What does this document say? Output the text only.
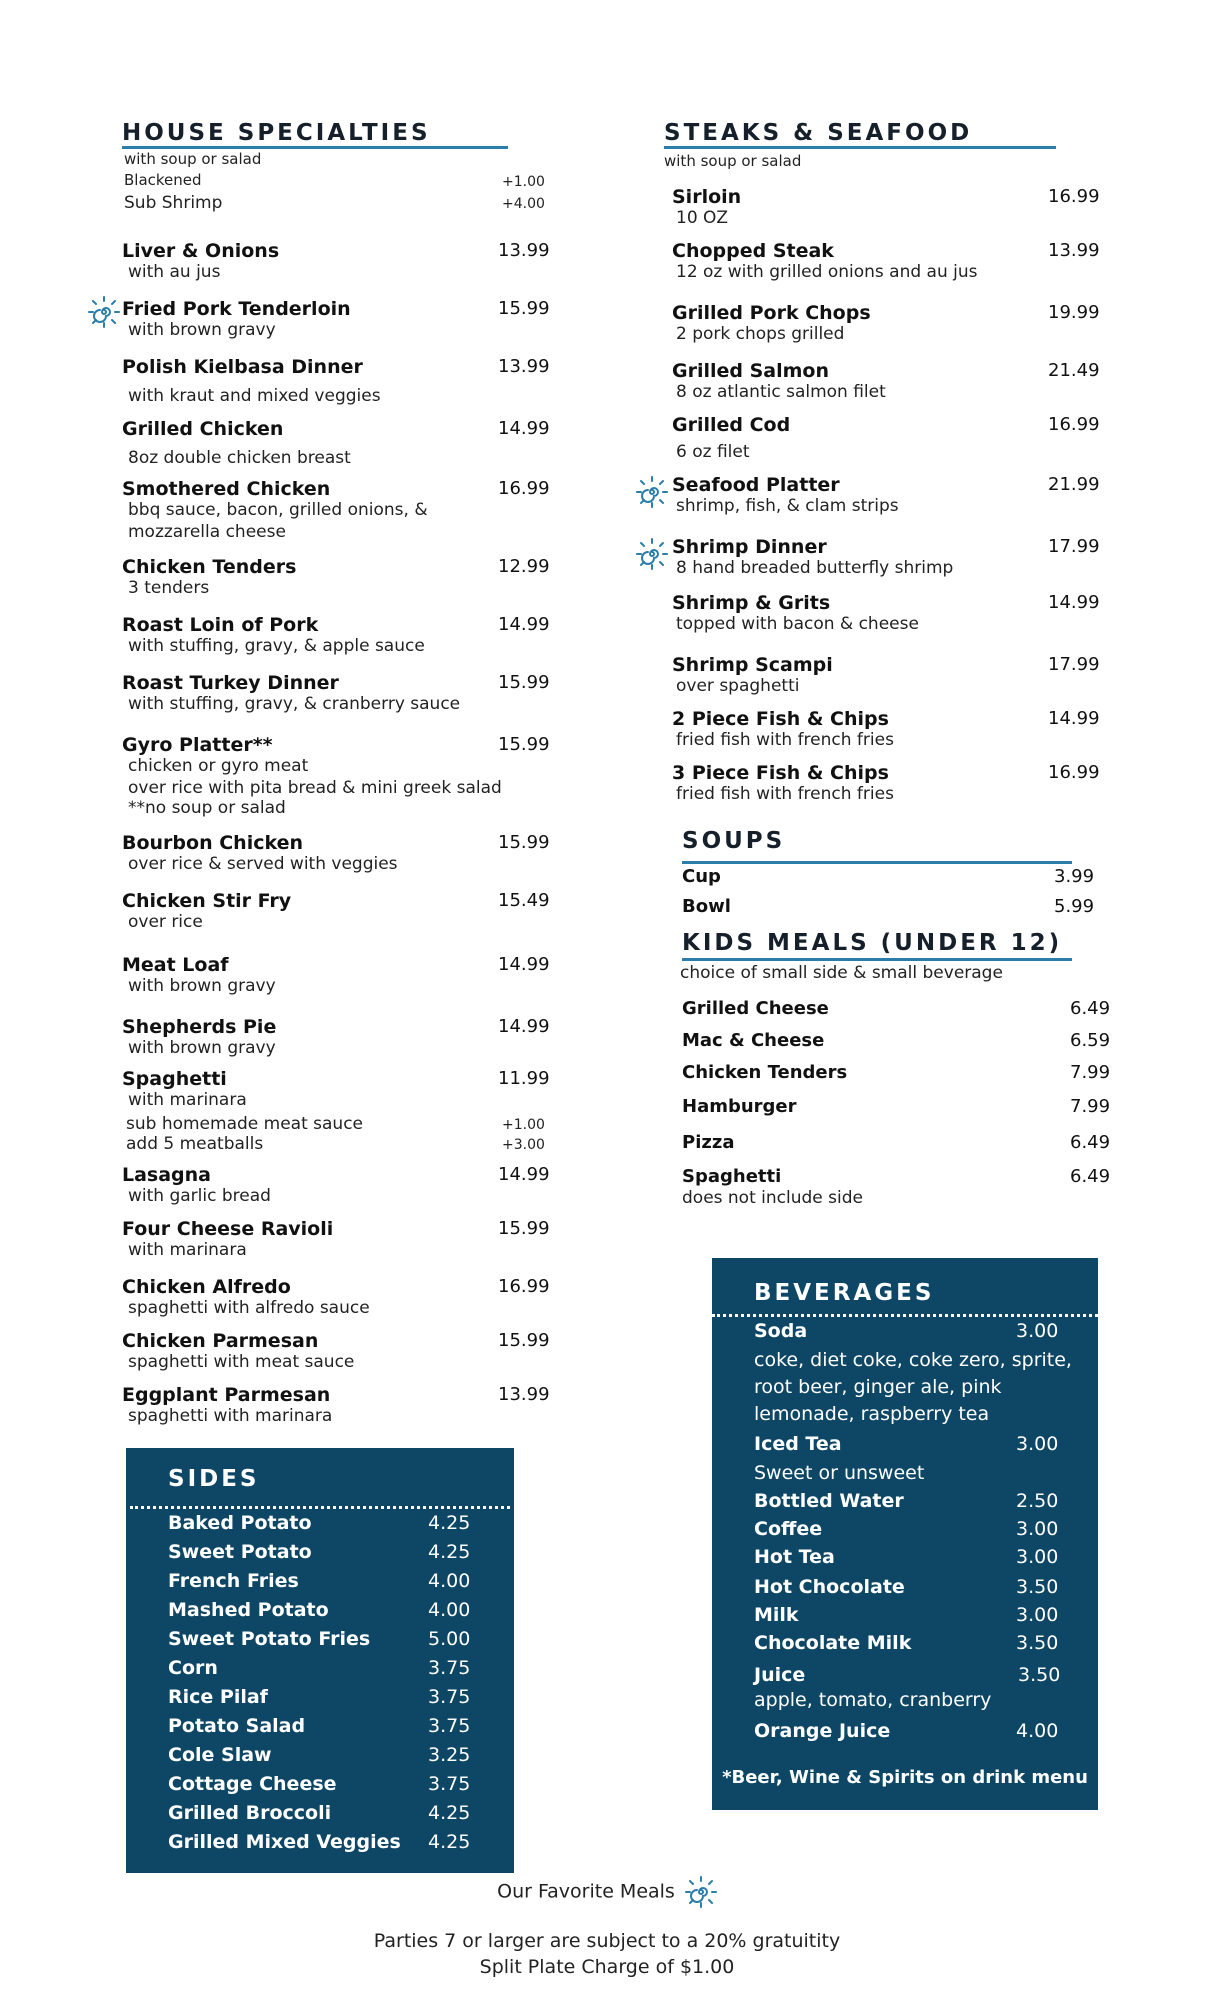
HOUSE SPECIALTIES
with soup or salad
Blackened	+1.00
Sub Shrimp	+4.00
Liver & Onions	13.99
with au jus
Fried Pork Tenderloin	15.99
with brown gravy
Polish Kielbasa Dinner	13.99
with kraut and mixed veggies
Grilled Chicken	14.99
8oz double chicken breast
Smothered Chicken	16.99
bbq sauce, bacon, grilled onions, &
mozzarella cheese
Chicken Tenders	12.99
3 tenders
Roast Loin of Pork	14.99
with stuffing, gravy, & apple sauce
Roast Turkey Dinner	15.99
with stuffing, gravy, & cranberry sauce
Gyro Platter**	15.99
chicken or gyro meat
over rice with pita bread & mini greek salad
**no soup or salad
Bourbon Chicken	15.99
over rice & served with veggies
Chicken Stir Fry	15.49
over rice
Meat Loaf	14.99
with brown gravy
Shepherds Pie	14.99
with brown gravy
Spaghetti	11.99
with marinara
sub homemade meat sauce	+1.00
add 5 meatballs	+3.00
Lasagna	14.99
with garlic bread
Four Cheese Ravioli	15.99
with marinara
Chicken Alfredo	16.99
spaghetti with alfredo sauce
Chicken Parmesan	15.99
spaghetti with meat sauce
Eggplant Parmesan	13.99
spaghetti with marinara
SIDES
Baked Potato	4.25
Sweet Potato	4.25
French Fries	4.00
Mashed Potato	4.00
Sweet Potato Fries	5.00
Corn	3.75
Rice Pilaf	3.75
Potato Salad	3.75
Cole Slaw	3.25
Cottage Cheese	3.75
Grilled Broccoli	4.25
Grilled Mixed Veggies 4.25
STEAKS & SEAFOOD
with soup or salad
Sirloin	16.99
10 OZ
Chopped Steak	13.99
12 oz with grilled onions and au jus
Grilled Pork Chops	19.99
2 pork chops grilled
Grilled Salmon	21.49
8 oz atlantic salmon filet
Grilled Cod	16.99
6 oz filet
Seafood Platter	21.99
shrimp, fish, & clam strips
Shrimp Dinner	17.99
8 hand breaded butterfly shrimp
Shrimp & Grits	14.99
topped with bacon & cheese
Shrimp Scampi	17.99
over spaghetti
2 Piece Fish & Chips	14.99
fried fish with french fries
3 Piece Fish & Chips	16.99
fried fish with french fries
SOUPS
Cup	3.99
Bowl	5.99
KIDS MEALS (UNDER 12)
choice of small side & small beverage
Grilled Cheese	6.49
Mac & Cheese	6.59
Chicken Tenders	7.99
Hamburger	7.99
Pizza	6.49
Spaghetti	6.49
does not include side
BEVERAGES
Soda	3.00
coke, diet coke, coke zero, sprite,
root beer, ginger ale, pink
lemonade, raspberry tea
Iced Tea	3.00
Sweet or unsweet
Bottled Water	2.50
Coffee	3.00
Hot Tea	3.00
Hot Chocolate	3.50
Milk	3.00
Chocolate Milk	3.50
Juice	3.50
apple, tomato, cranberry
Orange Juice	4.00
*Beer, Wine & Spirits on drink menu
Our Favorite Meals
Parties 7 or larger are subject to a 20% gratuitity
Split Plate Charge of $1.00
